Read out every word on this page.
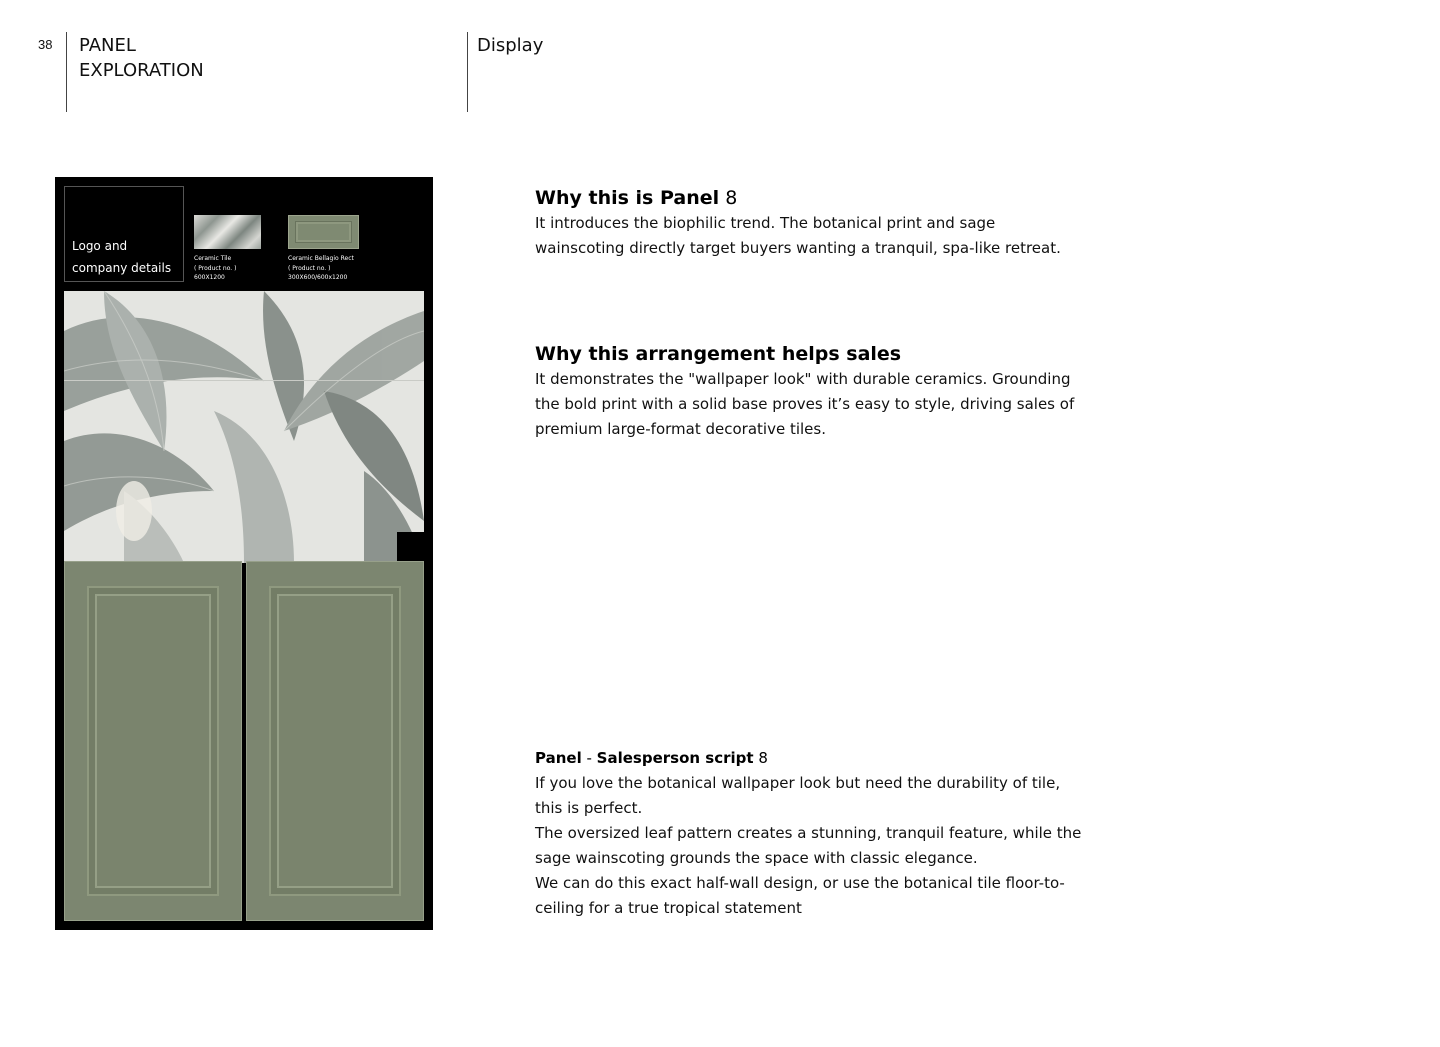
38 PANEL
EXPLORATION
Display
Logo and
company details
Ceramic Tile
( Product no. )
600X1200
Ceramic Bellagio Rect
( Product no. )
300X600/600x1200
Why this is Panel 8
It introduces the biophilic trend. The botanical print and sage wainscoting directly target buyers wanting a tranquil, spa-like retreat.
Why this arrangement helps sales
It demonstrates the "wallpaper look" with durable ceramics. Grounding the bold print with a solid base proves it’s easy to style, driving sales of premium large-format decorative tiles.
Panel - Salesperson script 8
If you love the botanical wallpaper look but need the durability of tile, this is perfect.
The oversized leaf pattern creates a stunning, tranquil feature, while the sage wainscoting grounds the space with classic elegance.
We can do this exact half-wall design, or use the botanical tile floor-to-ceiling for a true tropical statement
